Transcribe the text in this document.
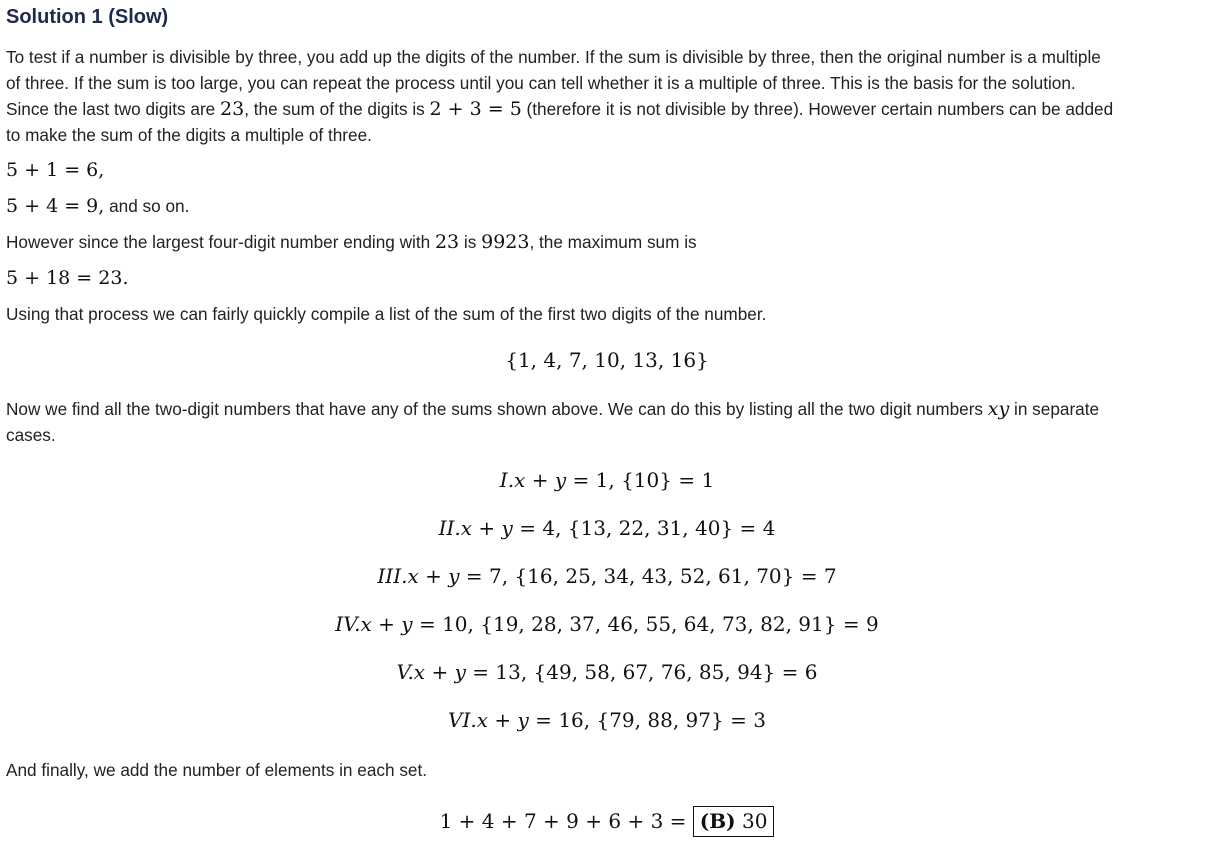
Solution 1 (Slow)

To test if a number is divisible by three, you add up the digits of the number. If the sum is divisible by three, then the original number is a multiple

of three. If the sum is too large, you can repeat the process until you can tell whether it is a multiple of three. This is the basis for the solution.

Since the last two digits are 23, the sum of the digits is 2 + 3 = 5 (therefore it is not divisible by three). However certain numbers can be added

to make the sum of the digits a multiple of three.

5 + 1 = 6,
5 + 4 = 9, and so on.
However since the largest four-digit number ending with 23 is 9923, the maximum sum is
5 + 18 = 23.
Using that process we can fairly quickly compile a list of the sum of the first two digits of the number.
{1, 4, 7, 10, 13, 16}

Now we find all the two-digit numbers that have any of the sums shown above. We can do this by listing all the two digit numbers xy in separate

cases.

I.x + y = 1, {10} = 1
II.x + y = 4, {13, 22, 31, 40} = 4
III.x + y = 7, {16, 25, 34, 43, 52, 61, 70} = 7
IV.x + y = 10, {19, 28, 37, 46, 55, 64, 73, 82, 91} = 9
V.x + y = 13, {49, 58, 67, 76, 85, 94} = 6
VI.x + y = 16, {79, 88, 97} = 3
And finally, we add the number of elements in each set.
1 + 4 + 7 + 9 + 6 + 3 = (B) 30
